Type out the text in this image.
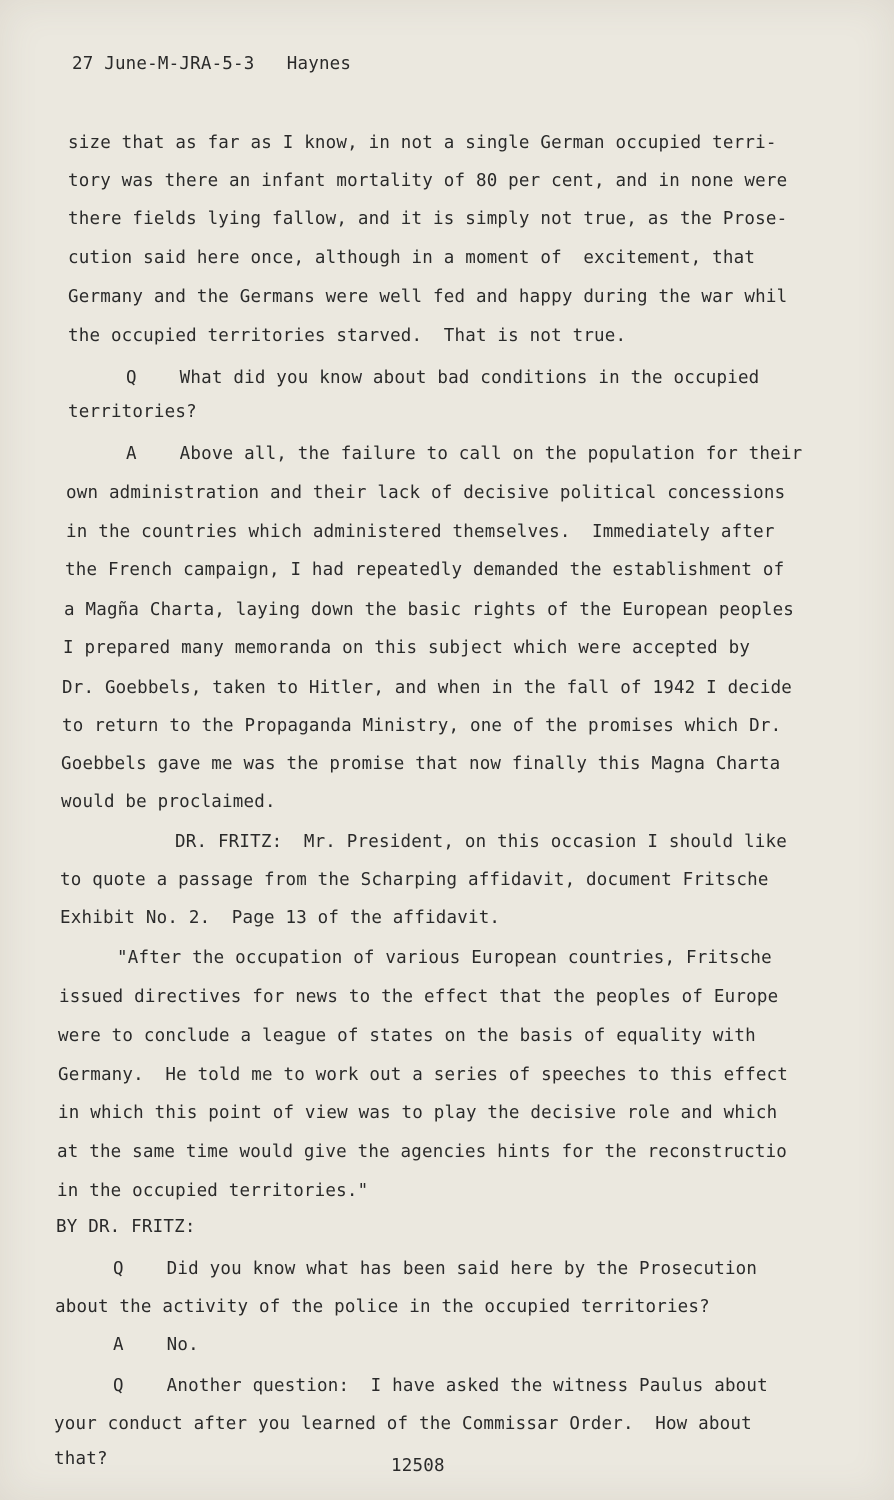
27 June-M-JRA-5-3 Haynes
size that as far as I know, in not a single German occupied terri-
tory was there an infant mortality of 80 per cent, and in none were
there fields lying fallow, and it is simply not true, as the Prose-
cution said here once, although in a moment of  excitement, that
Germany and the Germans were well fed and happy during the war whil
the occupied territories starved.  That is not true.
Q    What did you know about bad conditions in the occupied
territories?
A    Above all, the failure to call on the population for their
own administration and their lack of decisive political concessions
in the countries which administered themselves.  Immediately after
the French campaign, I had repeatedly demanded the establishment of
a Magña Charta, laying down the basic rights of the European peoples
I prepared many memoranda on this subject which were accepted by
Dr. Goebbels, taken to Hitler, and when in the fall of 1942 I decide
to return to the Propaganda Ministry, one of the promises which Dr.
Goebbels gave me was the promise that now finally this Magna Charta
would be proclaimed.
DR. FRITZ:  Mr. President, on this occasion I should like
to quote a passage from the Scharping affidavit, document Fritsche
Exhibit No. 2.  Page 13 of the affidavit.
"After the occupation of various European countries, Fritsche
issued directives for news to the effect that the peoples of Europe
were to conclude a league of states on the basis of equality with
Germany.  He told me to work out a series of speeches to this effect
in which this point of view was to play the decisive role and which
at the same time would give the agencies hints for the reconstructio
in the occupied territories."
BY DR. FRITZ:
Q    Did you know what has been said here by the Prosecution
about the activity of the police in the occupied territories?
A    No.
Q    Another question:  I have asked the witness Paulus about
your conduct after you learned of the Commissar Order.  How about
that?	12508
